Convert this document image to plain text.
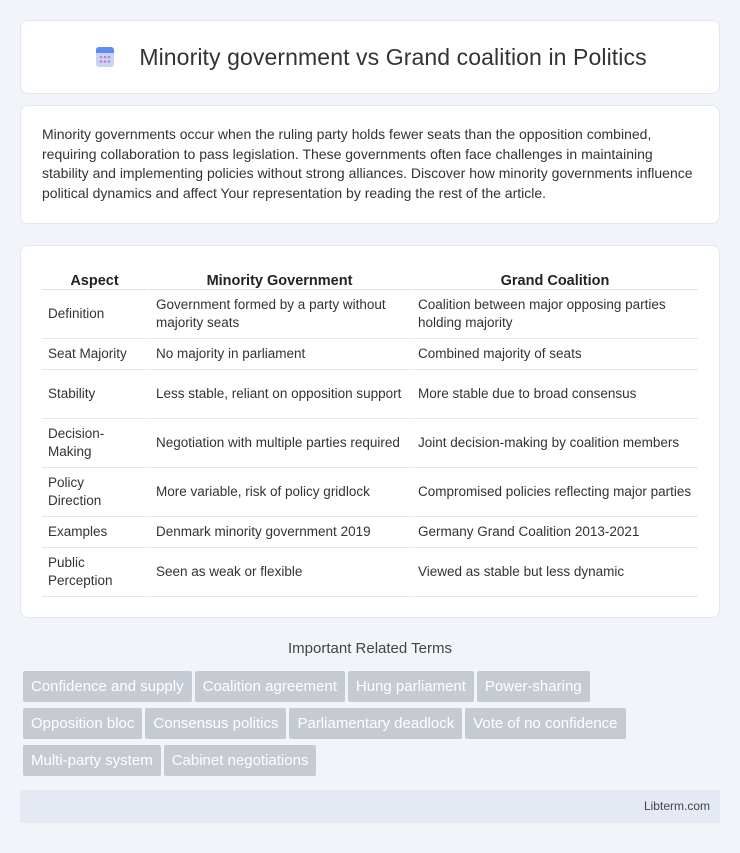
Minority government vs Grand coalition in Politics

Minority governments occur when the ruling party holds fewer seats than the opposition combined, requiring collaboration to pass legislation. These governments often face challenges in maintaining stability and implementing policies without strong alliances. Discover how minority governments influence political dynamics and affect Your representation by reading the rest of the article.

Aspect	Minority Government	Grand Coalition
Definition	Government formed by a party without majority seats	Coalition between major opposing parties holding majority
Seat Majority	No majority in parliament	Combined majority of seats
Stability	Less stable, reliant on opposition support	More stable due to broad consensus
Decision-Making	Negotiation with multiple parties required	Joint decision-making by coalition members
Policy Direction	More variable, risk of policy gridlock	Compromised policies reflecting major parties
Examples	Denmark minority government 2019	Germany Grand Coalition 2013-2021
Public Perception	Seen as weak or flexible	Viewed as stable but less dynamic
Important Related Terms
Confidence and supply Coalition agreement Hung parliament Power-sharing
Opposition bloc Consensus politics Parliamentary deadlock Vote of no confidence
Multi-party system Cabinet negotiations
Libterm.com
